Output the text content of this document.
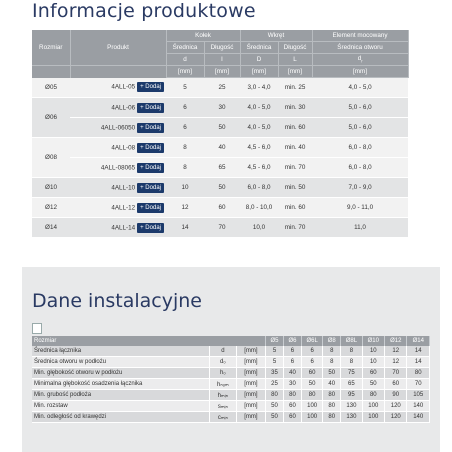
Informacje produktowe
Rozmiar	Produkt	Kołek		Wkręt		Element mocowany
		Średnica	Długość	Średnica	Długość	Średnica otworu
		d	l	D	L	$d_f$
		[mm]	[mm]	[mm]	[mm]	[mm]
Ø05	4ALL-05 + Dodaj	5	25	3,0 - 4,0	min. 25	4,0 - 5,0
Ø06	4ALL-06 + Dodaj	6	30	4,0 - 5,0	min. 30	5,0 - 6,0
	4ALL-06050 + Dodaj	6	50	4,0 - 5,0	min. 60	5,0 - 6,0
Ø08	4ALL-08 + Dodaj	8	40	4,5 - 6,0	min. 40	6,0 - 8,0
	4ALL-08065 + Dodaj	8	65	4,5 - 6,0	min. 70	6,0 - 8,0
Ø10	4ALL-10 + Dodaj	10	50	6,0 - 8,0	min. 50	7,0 - 9,0
Ø12	4ALL-12 + Dodaj	12	60	8,0 - 10,0	min. 60	9,0 - 11,0
Ø14	4ALL-14 + Dodaj	14	70	10,0	min. 70	11,0
Dane instalacyjne
Rozmiar			Ø5	Ø6	Ø6L	Ø8	Ø8L	Ø10	Ø12	Ø14
Średnica łącznika	d	[mm]	5	6	6	8	8	10	12	14
Średnica otworu w podłożu	d₀	[mm]	5	6	6	8	8	10	12	14
Min. głębokość otworu w podłożu	h₀	[mm]	35	40	60	50	75	60	70	80
Minimalna głębokość osadzenia łącznika	hₙₒₘ	[mm]	25	30	50	40	65	50	60	70
Min. grubość podłoża	hₘᵢₙ	[mm]	80	80	80	80	95	80	90	105
Min. rozstaw	sₘᵢₙ	[mm]	50	60	100	80	130	100	120	140
Min. odległość od krawędzi	cₘᵢₙ	[mm]	50	60	100	80	130	100	120	140
